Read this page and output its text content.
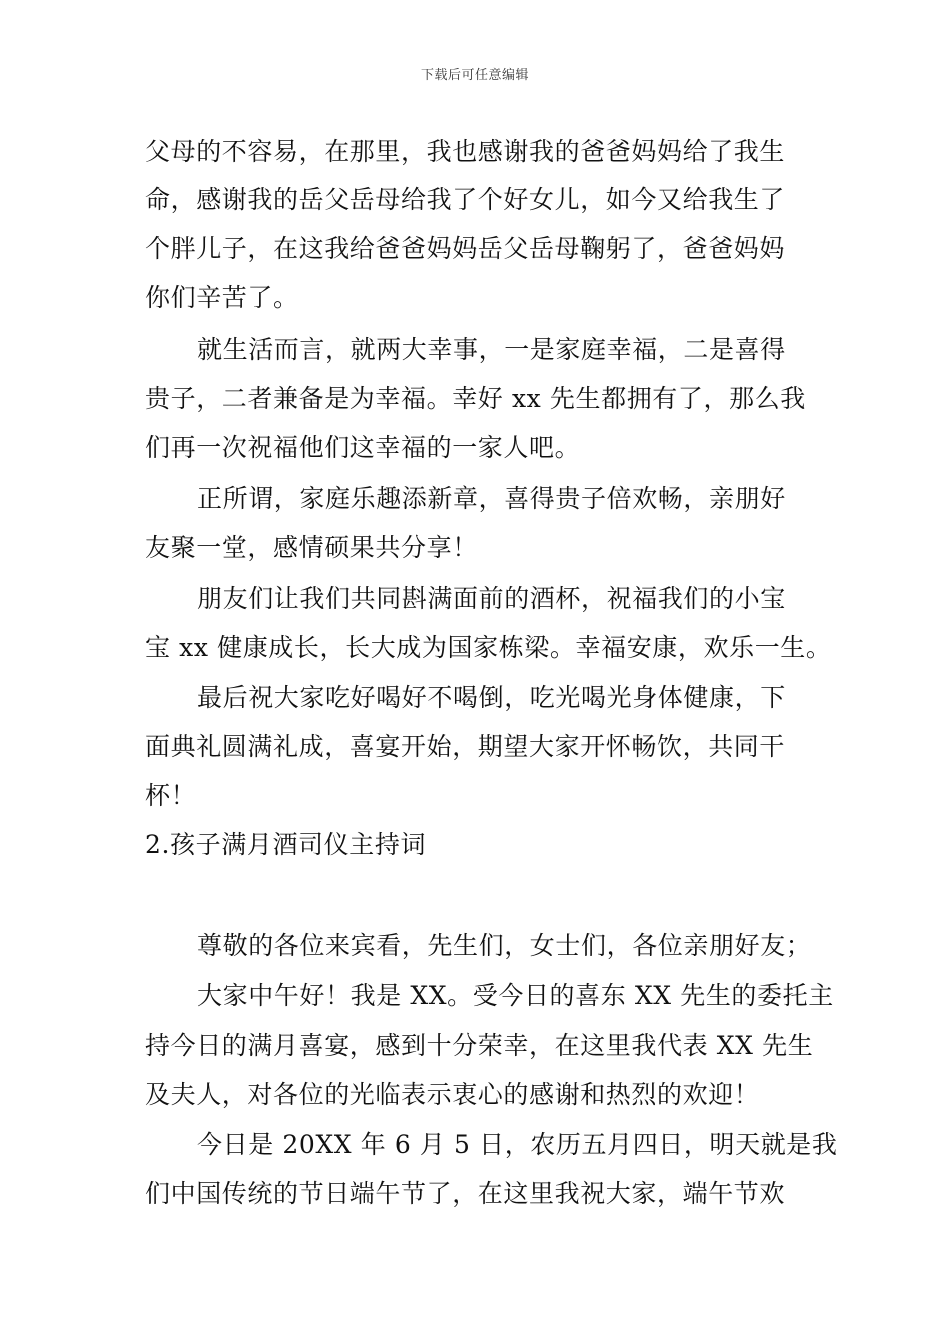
下载后可任意编辑
父母的不容易，在那里，我也感谢我的爸爸妈妈给了我生
命，感谢我的岳父岳母给我了个好女儿，如今又给我生了
个胖儿子，在这我给爸爸妈妈岳父岳母鞠躬了，爸爸妈妈
你们辛苦了。
就生活而言，就两大幸事，一是家庭幸福，二是喜得
贵子，二者兼备是为幸福。幸好 xx 先生都拥有了，那么我
们再一次祝福他们这幸福的一家人吧。
正所谓，家庭乐趣添新章，喜得贵子倍欢畅，亲朋好
友聚一堂，感情硕果共分享！
朋友们让我们共同斟满面前的酒杯，祝福我们的小宝
宝 xx 健康成长，长大成为国家栋梁。幸福安康，欢乐一生。
最后祝大家吃好喝好不喝倒，吃光喝光身体健康，下
面典礼圆满礼成，喜宴开始，期望大家开怀畅饮，共同干
杯！
2.孩子满月酒司仪主持词
尊敬的各位来宾看，先生们，女士们，各位亲朋好友；
大家中午好！我是 XX。受今日的喜东 XX 先生的委托主
持今日的满月喜宴，感到十分荣幸，在这里我代表 XX 先生
及夫人，对各位的光临表示衷心的感谢和热烈的欢迎！
今日是 20XX 年 6 月 5 日，农历五月四日，明天就是我
们中国传统的节日端午节了，在这里我祝大家，端午节欢
